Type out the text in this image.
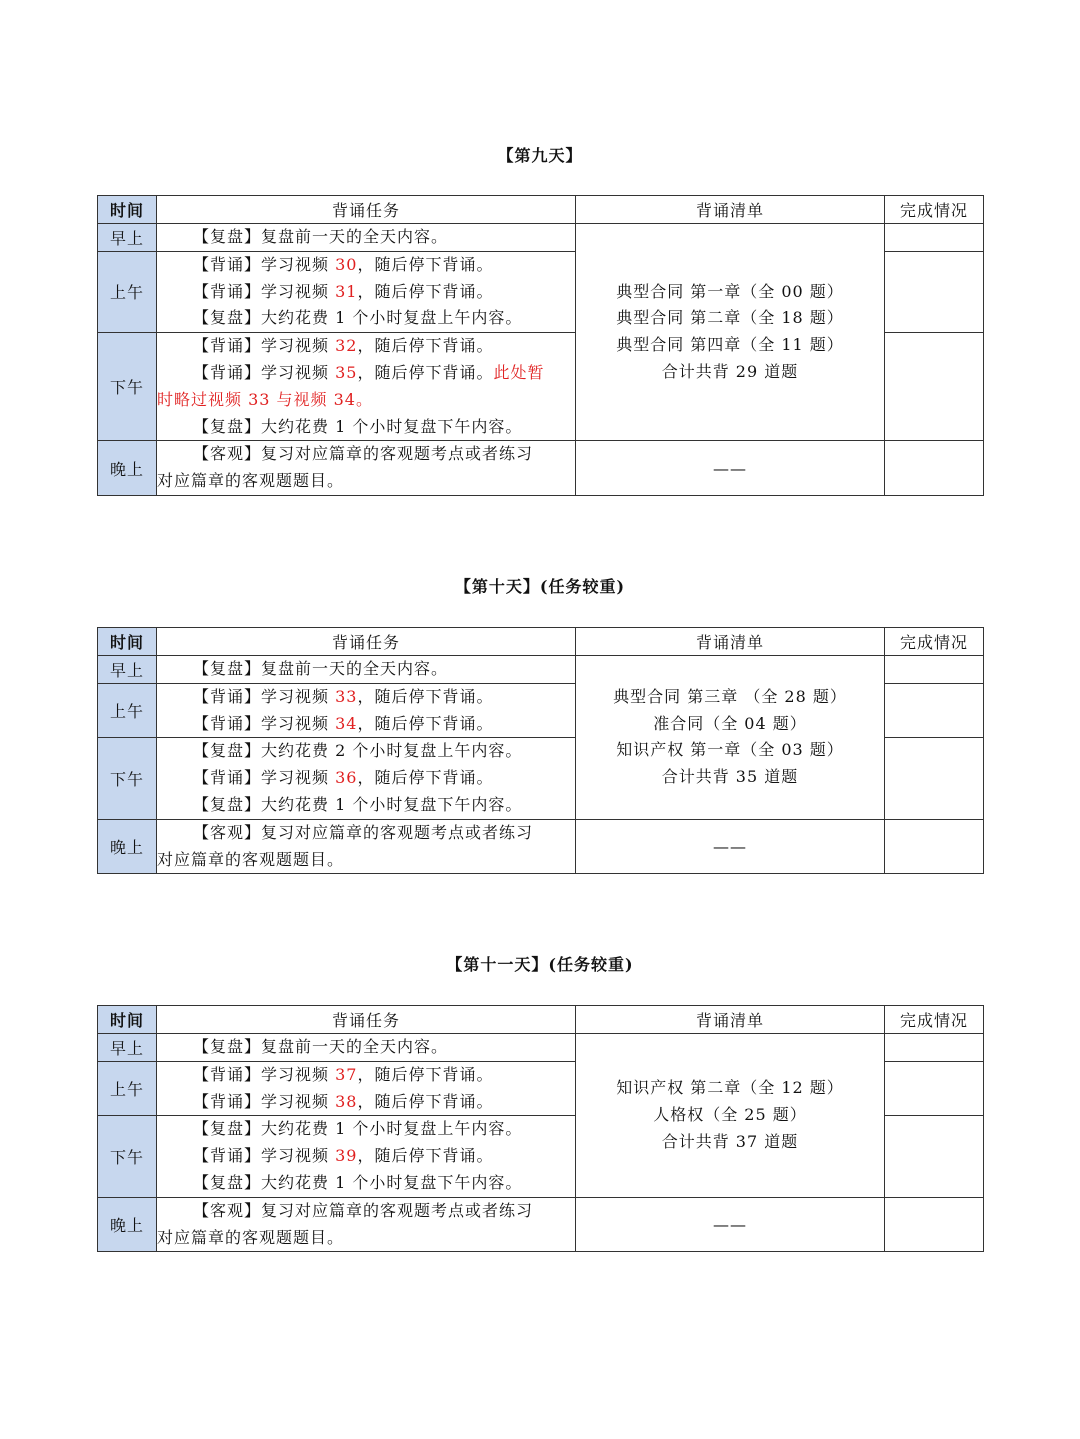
【第九天】
时间	背诵任务	背诵清单	完成情况
早上	【复盘】复盘前一天的全天内容。	典型合同 第一章（全 00 题）
典型合同 第二章（全 18 题）
典型合同 第四章（全 11 题）
合计共背 29 道题	

上午	【背诵】学习视频 30，随后停下背诵。
【背诵】学习视频 31，随后停下背诵。
【复盘】大约花费 1 个小时复盘上午内容。		

下午	【背诵】学习视频 32，随后停下背诵。
【背诵】学习视频 35，随后停下背诵。此处暂
时略过视频 33 与视频 34。
【复盘】大约花费 1 个小时复盘下午内容。		

晚上	【客观】复习对应篇章的客观题考点或者练习
对应篇章的客观题题目。	——	
【第十天】(任务较重)
时间	背诵任务	背诵清单	完成情况
早上	【复盘】复盘前一天的全天内容。	典型合同 第三章 （全 28 题）
准合同（全 04 题）
知识产权 第一章（全 03 题）
合计共背 35 道题	

上午	【背诵】学习视频 33，随后停下背诵。
【背诵】学习视频 34，随后停下背诵。		

下午	【复盘】大约花费 2 个小时复盘上午内容。
【背诵】学习视频 36，随后停下背诵。
【复盘】大约花费 1 个小时复盘下午内容。		

晚上	【客观】复习对应篇章的客观题考点或者练习
对应篇章的客观题题目。	——	
【第十一天】(任务较重)
时间	背诵任务	背诵清单	完成情况
早上	【复盘】复盘前一天的全天内容。	知识产权 第二章（全 12 题）
人格权（全 25 题）
合计共背 37 道题	

上午	【背诵】学习视频 37，随后停下背诵。
【背诵】学习视频 38，随后停下背诵。		

下午	【复盘】大约花费 1 个小时复盘上午内容。
【背诵】学习视频 39，随后停下背诵。
【复盘】大约花费 1 个小时复盘下午内容。		

晚上	【客观】复习对应篇章的客观题考点或者练习
对应篇章的客观题题目。	——	
